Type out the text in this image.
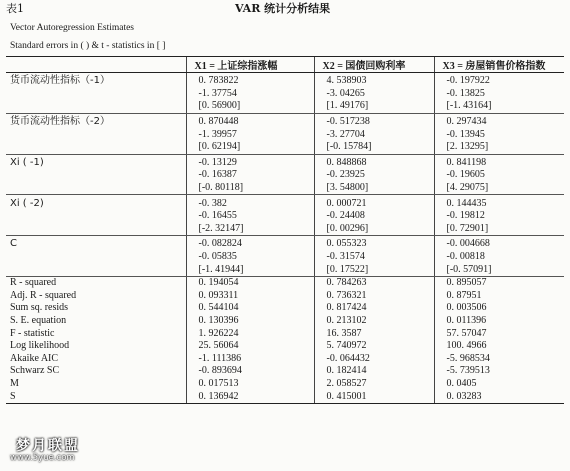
表1	VAR 统计分析结果
Vector Autoregression Estimates
Standard errors in ( ) & t - statistics in [ ]
	X1 = 上证综指涨幅	X2 = 国债回购利率	X3 = 房屋销售价格指数
货币流动性指标（-1）	0. 783822	4. 538903	-0. 197922
	-1. 37754	-3. 04265	-0. 13825
	[0. 56900]	[1. 49176]	[-1. 43164]
货币流动性指标（-2）	0. 870448	-0. 517238	0. 297434
	-1. 39957	-3. 27704	-0. 13945
	[0. 62194]	[-0. 15784]	[2. 13295]
Xi ( -1)	-0. 13129	0. 848868	0. 841198
	-0. 16387	-0. 23925	-0. 19605
	[-0. 80118]	[3. 54800]	[4. 29075]
Xi ( -2)	-0. 382	0. 000721	0. 144435
	-0. 16455	-0. 24408	-0. 19812
	[-2. 32147]	[0. 00296]	[0. 72901]
C	-0. 082824	0. 055323	-0. 004668
	-0. 05835	-0. 31574	-0. 00818
	[-1. 41944]	[0. 17522]	[-0. 57091]
R - squared	0. 194054	0. 784263	0. 895057
Adj. R - squared	0. 093311	0. 736321	0. 87951
Sum sq. resids	0. 544104	0. 817424	0. 003506
S. E. equation	0. 130396	0. 213102	0. 011396
F - statistic	1. 926224	16. 3587	57. 57047
Log likelihood	25. 56064	5. 740972	100. 4966
Akaike AIC	-1. 111386	-0. 064432	-5. 968534
Schwarz SC	-0. 893694	0. 182414	-5. 739513
M	0. 017513	2. 058527	0. 0405
S	0. 136942	0. 415001	0. 03283
梦月联盟
www.5yue.com
